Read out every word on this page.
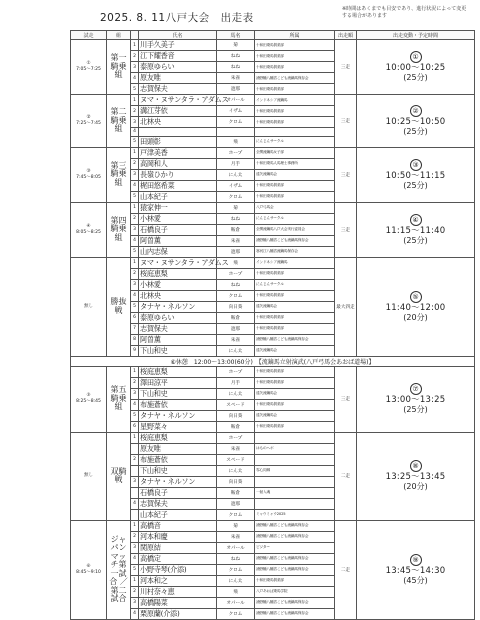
2025. 8. 11八戸大会　出走表
※時間はあくまでも目安であり、進行状況によって変更する場合があります
試走	組		氏名	馬名	所属	出走順	出走変動・予定時間
①
7:05〜7:25	第一騎乗組	1	川手久美子	菊	十和田乗馬俱楽部	三走	①
10:00〜10:25
(25分)

		2	江下耀香音	ねね	十和田乗馬俱楽部		
		3	泰原ゆらい	ねね	十和田乗馬俱楽部		
		4	原友唯	朱雀	浦野幡八幡宮こども流鏑馬保存会		
		5	志賀保夫	遮那	十和田乗馬俱楽部		
②
7:25〜7:45	第二騎乗組	1	ヌマ・ヌサンタラ・アダムス	オパール	インドネシア流鏑馬	三走	②
10:25〜10:50
(25分)

		2	溝江芽依	イザム	十和田乗馬俱楽部		
		3	北林央	クロム	十和田乗馬俱楽部		
		4					
		5	田頭彰	飛	にんじんサークル		
③
7:45〜8:05	第三騎乗組	1	戸津美香	ホープ	全関流鏑馬女子部	三走	③
10:50〜11:15
(25分)

		2	高岡和人	月手	十和田乗馬人馬理士事務所		
		3	長嶺ひかり	にん太	遠矢流鏑馬会		
		4	梶田悠希菜	イザム	十和田乗馬俱楽部		
		5	山本紀子	クロム	十和田乗馬俱楽部		
④
8:05〜8:25	第四騎乗組	1	猿家伸一	菊	八戸弓馬会	三走	④
11:15〜11:40
(25分)

		2	小林愛	ねね	にんじんサークル		
		3	石橋良子	鞍倉	全関流鏑馬八戸大会実行委員会		
		4	阿曽薫	朱雀	浦野幡八幡宮こども流鏑馬保存会		
		5	山内志保	遮那	寒河江八幡宮流鏑馬保存会		
無し	勝抜戦	1	ヌマ・ヌサンタラ・アダムス	飛	インドネシア流鏑馬	最大四走	⑤
11:40〜12:00
(20分)

		2	桜庭恵梨	ホープ	十和田乗馬俱楽部		
		3	小林愛	ねね	にんじんサークル		
		4	北林央	クロム	十和田乗馬俱楽部		
		5	タナヤ・ネルソン	向日葵	遠矢流鏑馬会		
		6	泰原ゆらい	鞍倉	十和田乗馬俱楽部		
		7	志賀保夫	遮那	十和田乗馬俱楽部		
		8	阿曽薫	朱雀	浦野幡八幡宮こども流鏑馬保存会		
		9	下山和史	にん太	遠矢流鏑馬会		
⑥休憩　12:00〜13:00(60分)　【流鏑馬立射演武(八戸弓馬会あおば道場)】							
⑤
8:25〜8:45	第五騎乗組	1	桜庭恵梨	ホープ	十和田乗馬俱楽部	三走	⑦
13:00〜13:25
(25分)

		2	澤田涼平	月手	十和田乗馬俱楽部		
		3	下山和史	にん太	遠矢流鏑馬会		
		4	布施蒼依	スペード	十和田乗馬俱楽部		
		5	タナヤ・ネルソン	向日葵	遠矢流鏑馬会		
		6	星野菜々	鞍倉	十和田乗馬俱楽部		
無し	双騎戦	1	桜庭恵梨	ホープ		二走	⑧
13:25〜13:45
(20分)

			原友唯	朱雀	はものへボ		
		2	布施蒼依	スペード			
			下山和史	にん太	零心同郷		
		3	タナヤ・ネルソン	向日葵			
			石橋良子	鞍倉	一射入魂		
		4	志賀保夫	遮那			
			山本紀子	クロム	ミャウミャウ2025		
⑥
8:45〜9:10	ジャパンマッチ第一試合 ／ 第二試合	1	高橋音	菊	浦野幡八幡宮こども流鏑馬保存会	二走	⑨
13:45〜14:30
(45分)

		2	河本和慶	朱雀	浦野幡八幡宮こども流鏑馬保存会		
		3	関原結	オパール	ピジター		
		4	高橋定	ねね	浦野幡八幡宮こども流鏑馬保存会		
		5	小野寺琴(介添)	クロム	浦野幡八幡宮こども流鏑馬保存会		
		1	河本和之	にん太	十和田乗馬俱楽部		
		2	川村奈々恵	飛	八戸あおば乗馬学院		
		3	高橋陽菜	オパール	浦野幡八幡宮こども流鏑馬保存会		
		4	栗原蘭(介添)	クロム	浦野幡八幡宮こども流鏑馬保存会		
